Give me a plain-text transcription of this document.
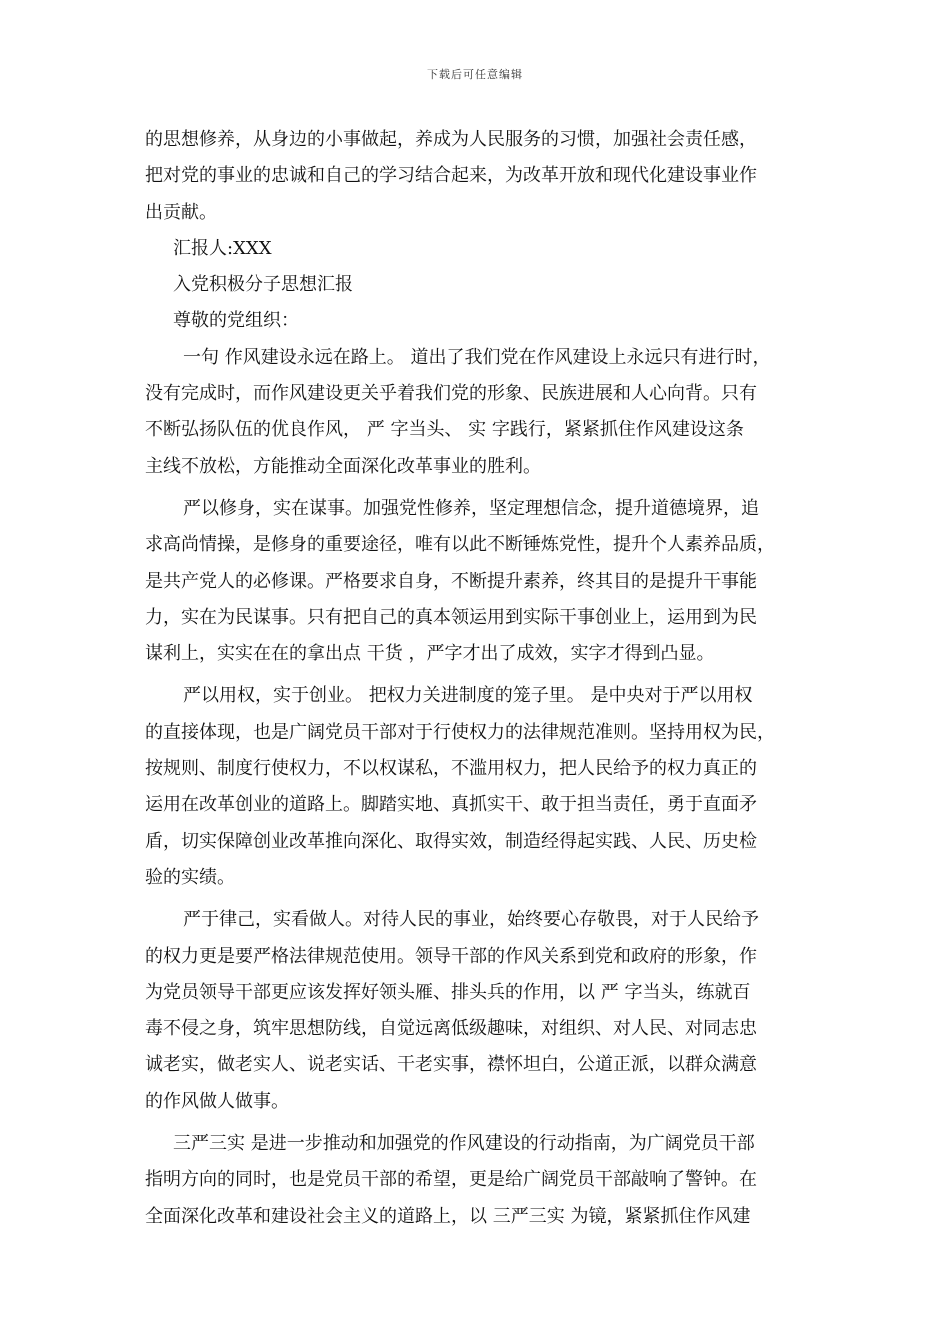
下载后可任意编辑
的思想修养，从身边的小事做起，养成为人民服务的习惯，加强社会责任感，
把对党的事业的忠诚和自己的学习结合起来，为改革开放和现代化建设事业作
出贡献。
汇报人:XXX
入党积极分子思想汇报
尊敬的党组织：
一句 作风建设永远在路上。 道出了我们党在作风建设上永远只有进行时，
没有完成时，而作风建设更关乎着我们党的形象、民族进展和人心向背。只有
不断弘扬队伍的优良作风， 严 字当头、 实 字践行，紧紧抓住作风建设这条
主线不放松，方能推动全面深化改革事业的胜利。
严以修身，实在谋事。加强党性修养，坚定理想信念，提升道德境界，追
求高尚情操，是修身的重要途径，唯有以此不断锤炼党性，提升个人素养品质，
是共产党人的必修课。严格要求自身，不断提升素养，终其目的是提升干事能
力，实在为民谋事。只有把自己的真本领运用到实际干事创业上，运用到为民
谋利上，实实在在的拿出点 干货 ，严字才出了成效，实字才得到凸显。
严以用权，实于创业。 把权力关进制度的笼子里。 是中央对于严以用权
的直接体现，也是广阔党员干部对于行使权力的法律规范准则。坚持用权为民，
按规则、制度行使权力，不以权谋私，不滥用权力，把人民给予的权力真正的
运用在改革创业的道路上。脚踏实地、真抓实干、敢于担当责任，勇于直面矛
盾，切实保障创业改革推向深化、取得实效，制造经得起实践、人民、历史检
验的实绩。
严于律己，实看做人。对待人民的事业，始终要心存敬畏，对于人民给予
的权力更是要严格法律规范使用。领导干部的作风关系到党和政府的形象，作
为党员领导干部更应该发挥好领头雁、排头兵的作用，以 严 字当头，练就百
毒不侵之身，筑牢思想防线，自觉远离低级趣味，对组织、对人民、对同志忠
诚老实，做老实人、说老实话、干老实事，襟怀坦白，公道正派，以群众满意
的作风做人做事。
三严三实 是进一步推动和加强党的作风建设的行动指南，为广阔党员干部
指明方向的同时，也是党员干部的希望，更是给广阔党员干部敲响了警钟。在
全面深化改革和建设社会主义的道路上，以 三严三实 为镜，紧紧抓住作风建
